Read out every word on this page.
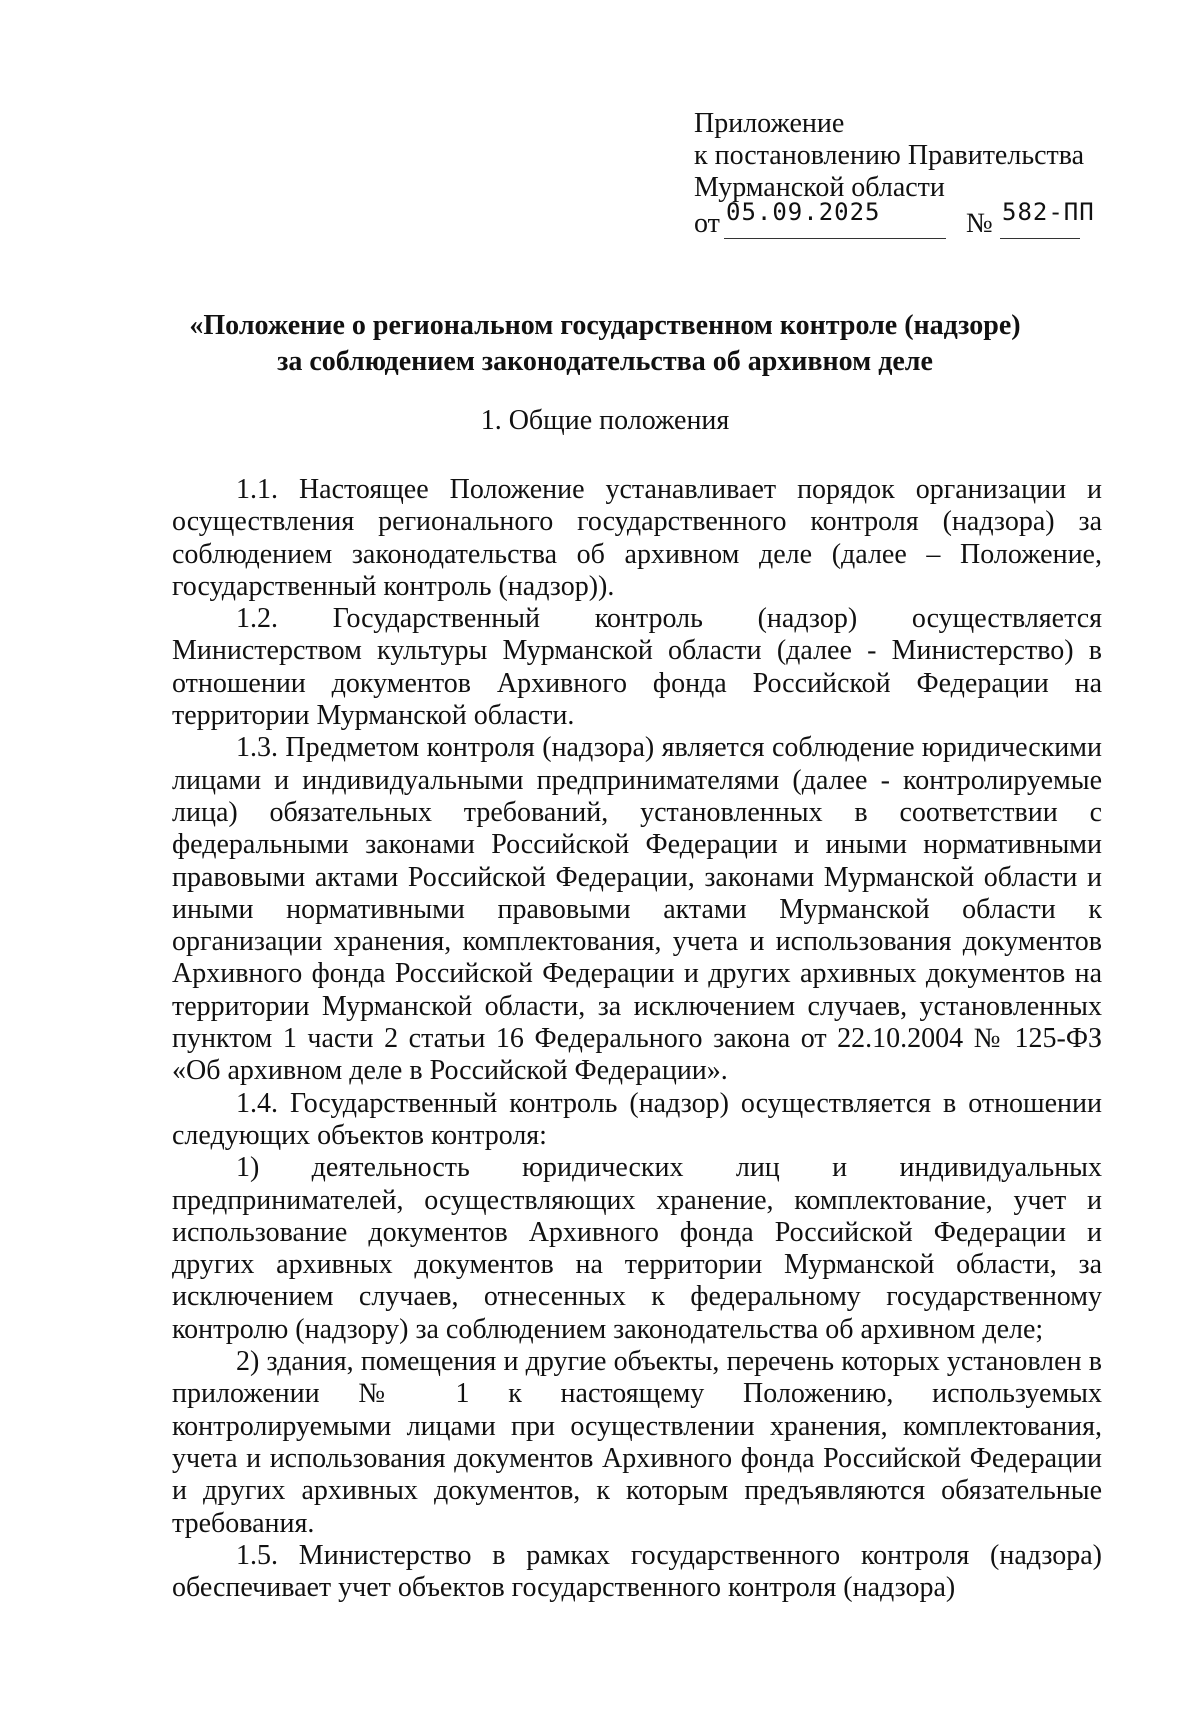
Приложение
к постановлению Правительства
Мурманской области
от 05.09.2025	№ 582-ПП
«Положение о региональном государственном контроле (надзоре)
за соблюдением законодательства об архивном деле
1. Общие положения

1.1. Настоящее Положение устанавливает порядок организации и осуществления регионального государственного контроля (надзора) за соблюдением законодательства об архивном деле (далее – Положение, государственный контроль (надзор)).

1.2. Государственный контроль (надзор) осуществляется Министерством культуры Мурманской области (далее - Министерство) в отношении документов Архивного фонда Российской Федерации на территории Мурманской области.

1.3. Предметом контроля (надзора) является соблюдение юридическими лицами и индивидуальными предпринимателями (далее - контролируемые лица) обязательных требований, установленных в соответствии с федеральными законами Российской Федерации и иными нормативными правовыми актами Российской Федерации, законами Мурманской области и иными нормативными правовыми актами Мурманской области к организации хранения, комплектования, учета и использования документов Архивного фонда Российской Федерации и других архивных документов на территории Мурманской области, за исключением случаев, установленных пунктом 1 части 2 статьи 16 Федерального закона от 22.10.2004 № 125-ФЗ «Об архивном деле в Российской Федерации».

1.4. Государственный контроль (надзор) осуществляется в отношении следующих объектов контроля:

1) деятельность юридических лиц и индивидуальных предпринимателей, осуществляющих хранение, комплектование, учет и использование документов Архивного фонда Российской Федерации и других архивных документов на территории Мурманской области, за исключением случаев, отнесенных к федеральному государственному контролю (надзору) за соблюдением законодательства об архивном деле;

2) здания, помещения и другие объекты, перечень которых установлен в приложении № 1 к настоящему Положению, используемых контролируемыми лицами при осуществлении хранения, комплектования, учета и использования документов Архивного фонда Российской Федерации и других архивных документов, к которым предъявляются обязательные требования.

1.5. Министерство в рамках государственного контроля (надзора) обеспечивает учет объектов государственного контроля (надзора)
